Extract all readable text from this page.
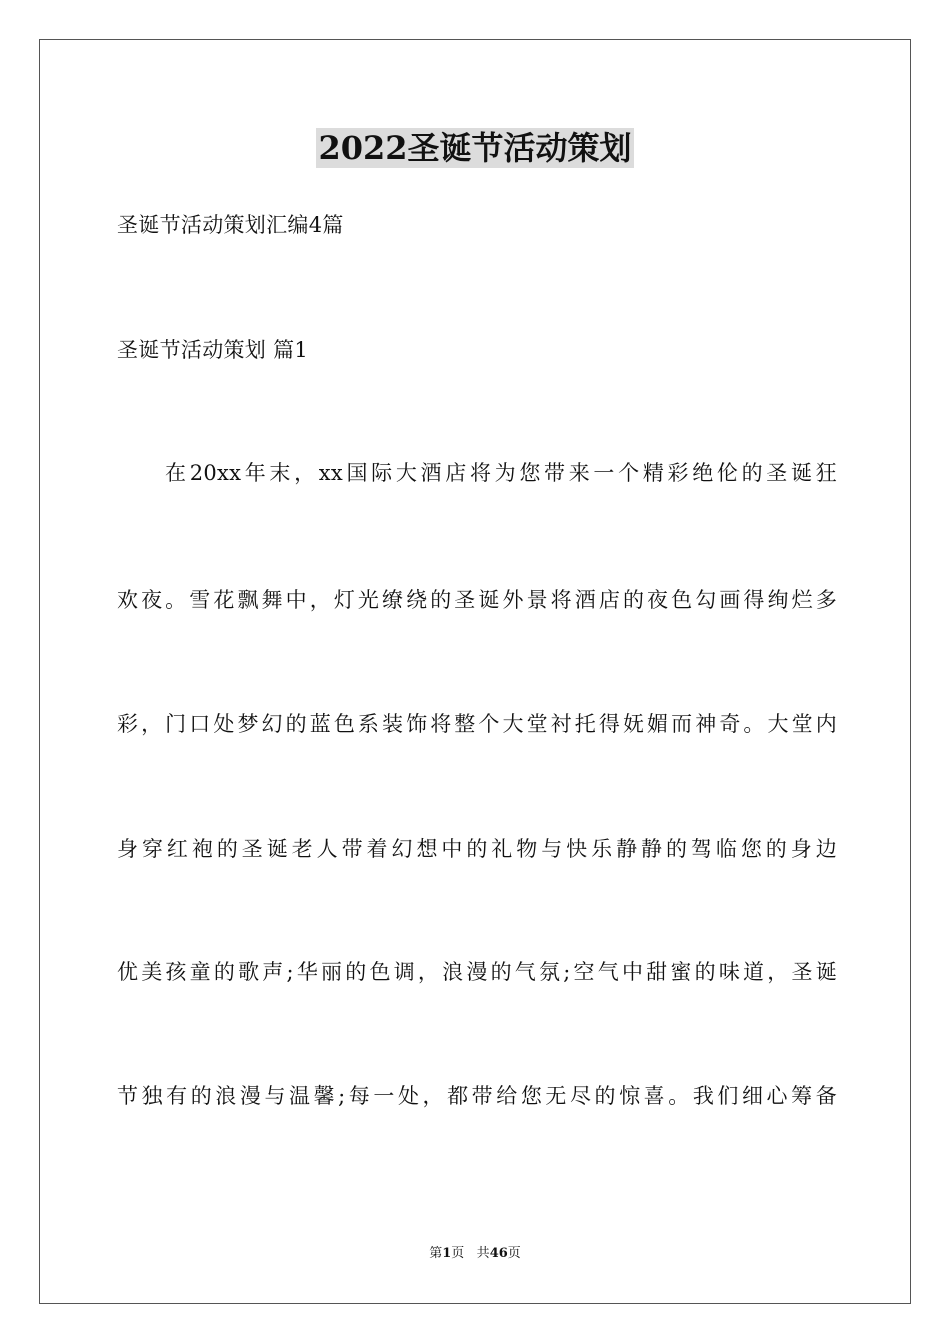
2022圣诞节活动策划
圣诞节活动策划汇编4篇
圣诞节活动策划 篇1
在20xx年末，xx国际大酒店将为您带来一个精彩绝伦的圣诞狂
欢夜。雪花飘舞中，灯光缭绕的圣诞外景将酒店的夜色勾画得绚烂多
彩，门口处梦幻的蓝色系装饰将整个大堂衬托得妩媚而神奇。大堂内
身穿红袍的圣诞老人带着幻想中的礼物与快乐静静的驾临您的身边
优美孩童的歌声;华丽的色调，浪漫的气氛;空气中甜蜜的味道，圣诞
节独有的浪漫与温馨;每一处，都带给您无尽的惊喜。我们细心筹备
第1页 共46页
